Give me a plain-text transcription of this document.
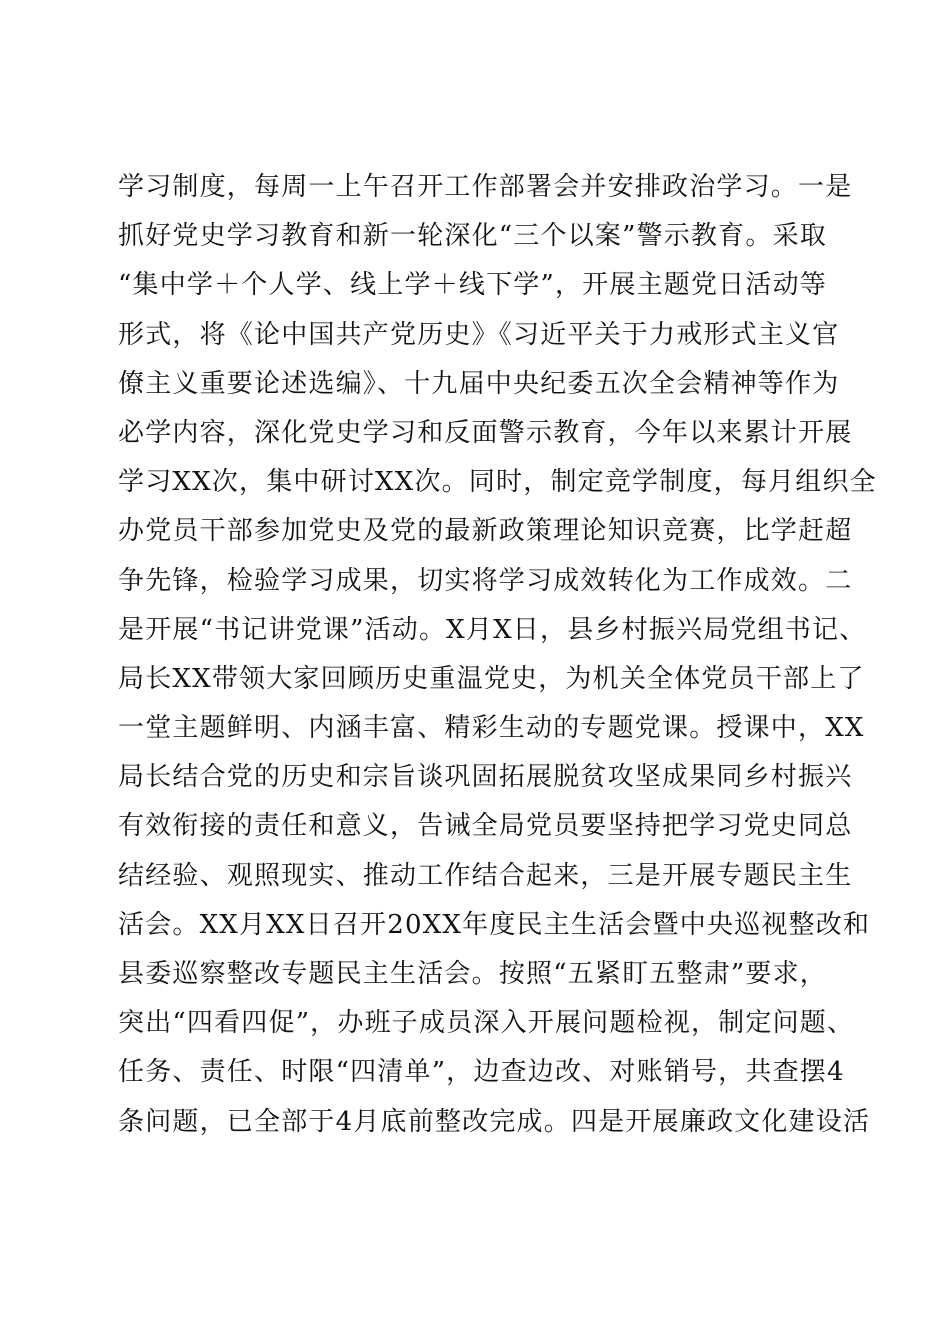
学习制度，每周一上午召开工作部署会并安排政治学习。一是
抓好党史学习教育和新一轮深化“三个以案”警示教育。采取
“集中学＋个人学、线上学＋线下学”，开展主题党日活动等
形式，将《论中国共产党历史》《习近平关于力戒形式主义官
僚主义重要论述选编》、十九届中央纪委五次全会精神等作为
必学内容，深化党史学习和反面警示教育，今年以来累计开展
学习XX次，集中研讨XX次。同时，制定竞学制度，每月组织全
办党员干部参加党史及党的最新政策理论知识竞赛，比学赶超
争先锋，检验学习成果，切实将学习成效转化为工作成效。二
是开展“书记讲党课”活动。X月X日，县乡村振兴局党组书记、
局长XX带领大家回顾历史重温党史，为机关全体党员干部上了
一堂主题鲜明、内涵丰富、精彩生动的专题党课。授课中，XX
局长结合党的历史和宗旨谈巩固拓展脱贫攻坚成果同乡村振兴
有效衔接的责任和意义，告诫全局党员要坚持把学习党史同总
结经验、观照现实、推动工作结合起来，三是开展专题民主生
活会。XX月XX日召开20XX年度民主生活会暨中央巡视整改和
县委巡察整改专题民主生活会。按照“五紧盯五整肃”要求，
突出“四看四促”，办班子成员深入开展问题检视，制定问题、
任务、责任、时限“四清单”，边查边改、对账销号，共查摆4
条问题，已全部于4月底前整改完成。四是开展廉政文化建设活
